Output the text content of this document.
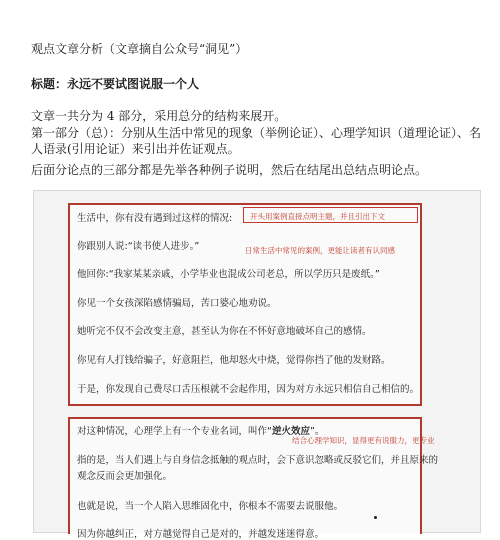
观点文章分析（文章摘自公众号“洞见”）
标题：永远不要试图说服一个人
文章一共分为 4 部分，采用总分的结构来展开。
第一部分（总）：分别从生活中常见的现象（举例论证）、心理学知识（道理论证）、名人语录(引用论证）来引出并佐证观点。
后面分论点的三部分都是先举各种例子说明，然后在结尾出总结点明论点。
生活中，你有没有遇到过这样的情况:
你跟别人说:“读书使人进步。”
他回你:“我家某某亲戚，小学毕业也混成公司老总，所以学历只是废纸。”
你见一个女孩深陷感情骗局，苦口婆心地劝说。
她听完不仅不会改变主意，甚至认为你在不怀好意地破坏自己的感情。
你见有人打钱给骗子，好意阻拦，他却怒火中烧，觉得你挡了他的发财路。
于是，你发现自己费尽口舌压根就不会起作用，因为对方永远只相信自己相信的。
开头用案例直接点明主题，并且引出下文
日常生活中常见的案例，更能让读者有认同感
对这种情况，心理学上有一个专业名词，叫作“逆火效应”。
指的是，当人们遇上与自身信念抵触的观点时，会下意识忽略或反驳它们，并且原来的
观念反而会更加强化。
也就是说，当一个人陷入思维固化中，你根本不需要去说服他。
因为你越纠正，对方越觉得自己是对的，并越发迷迷得意。
结合心理学知识，显得更有说服力，更专业
